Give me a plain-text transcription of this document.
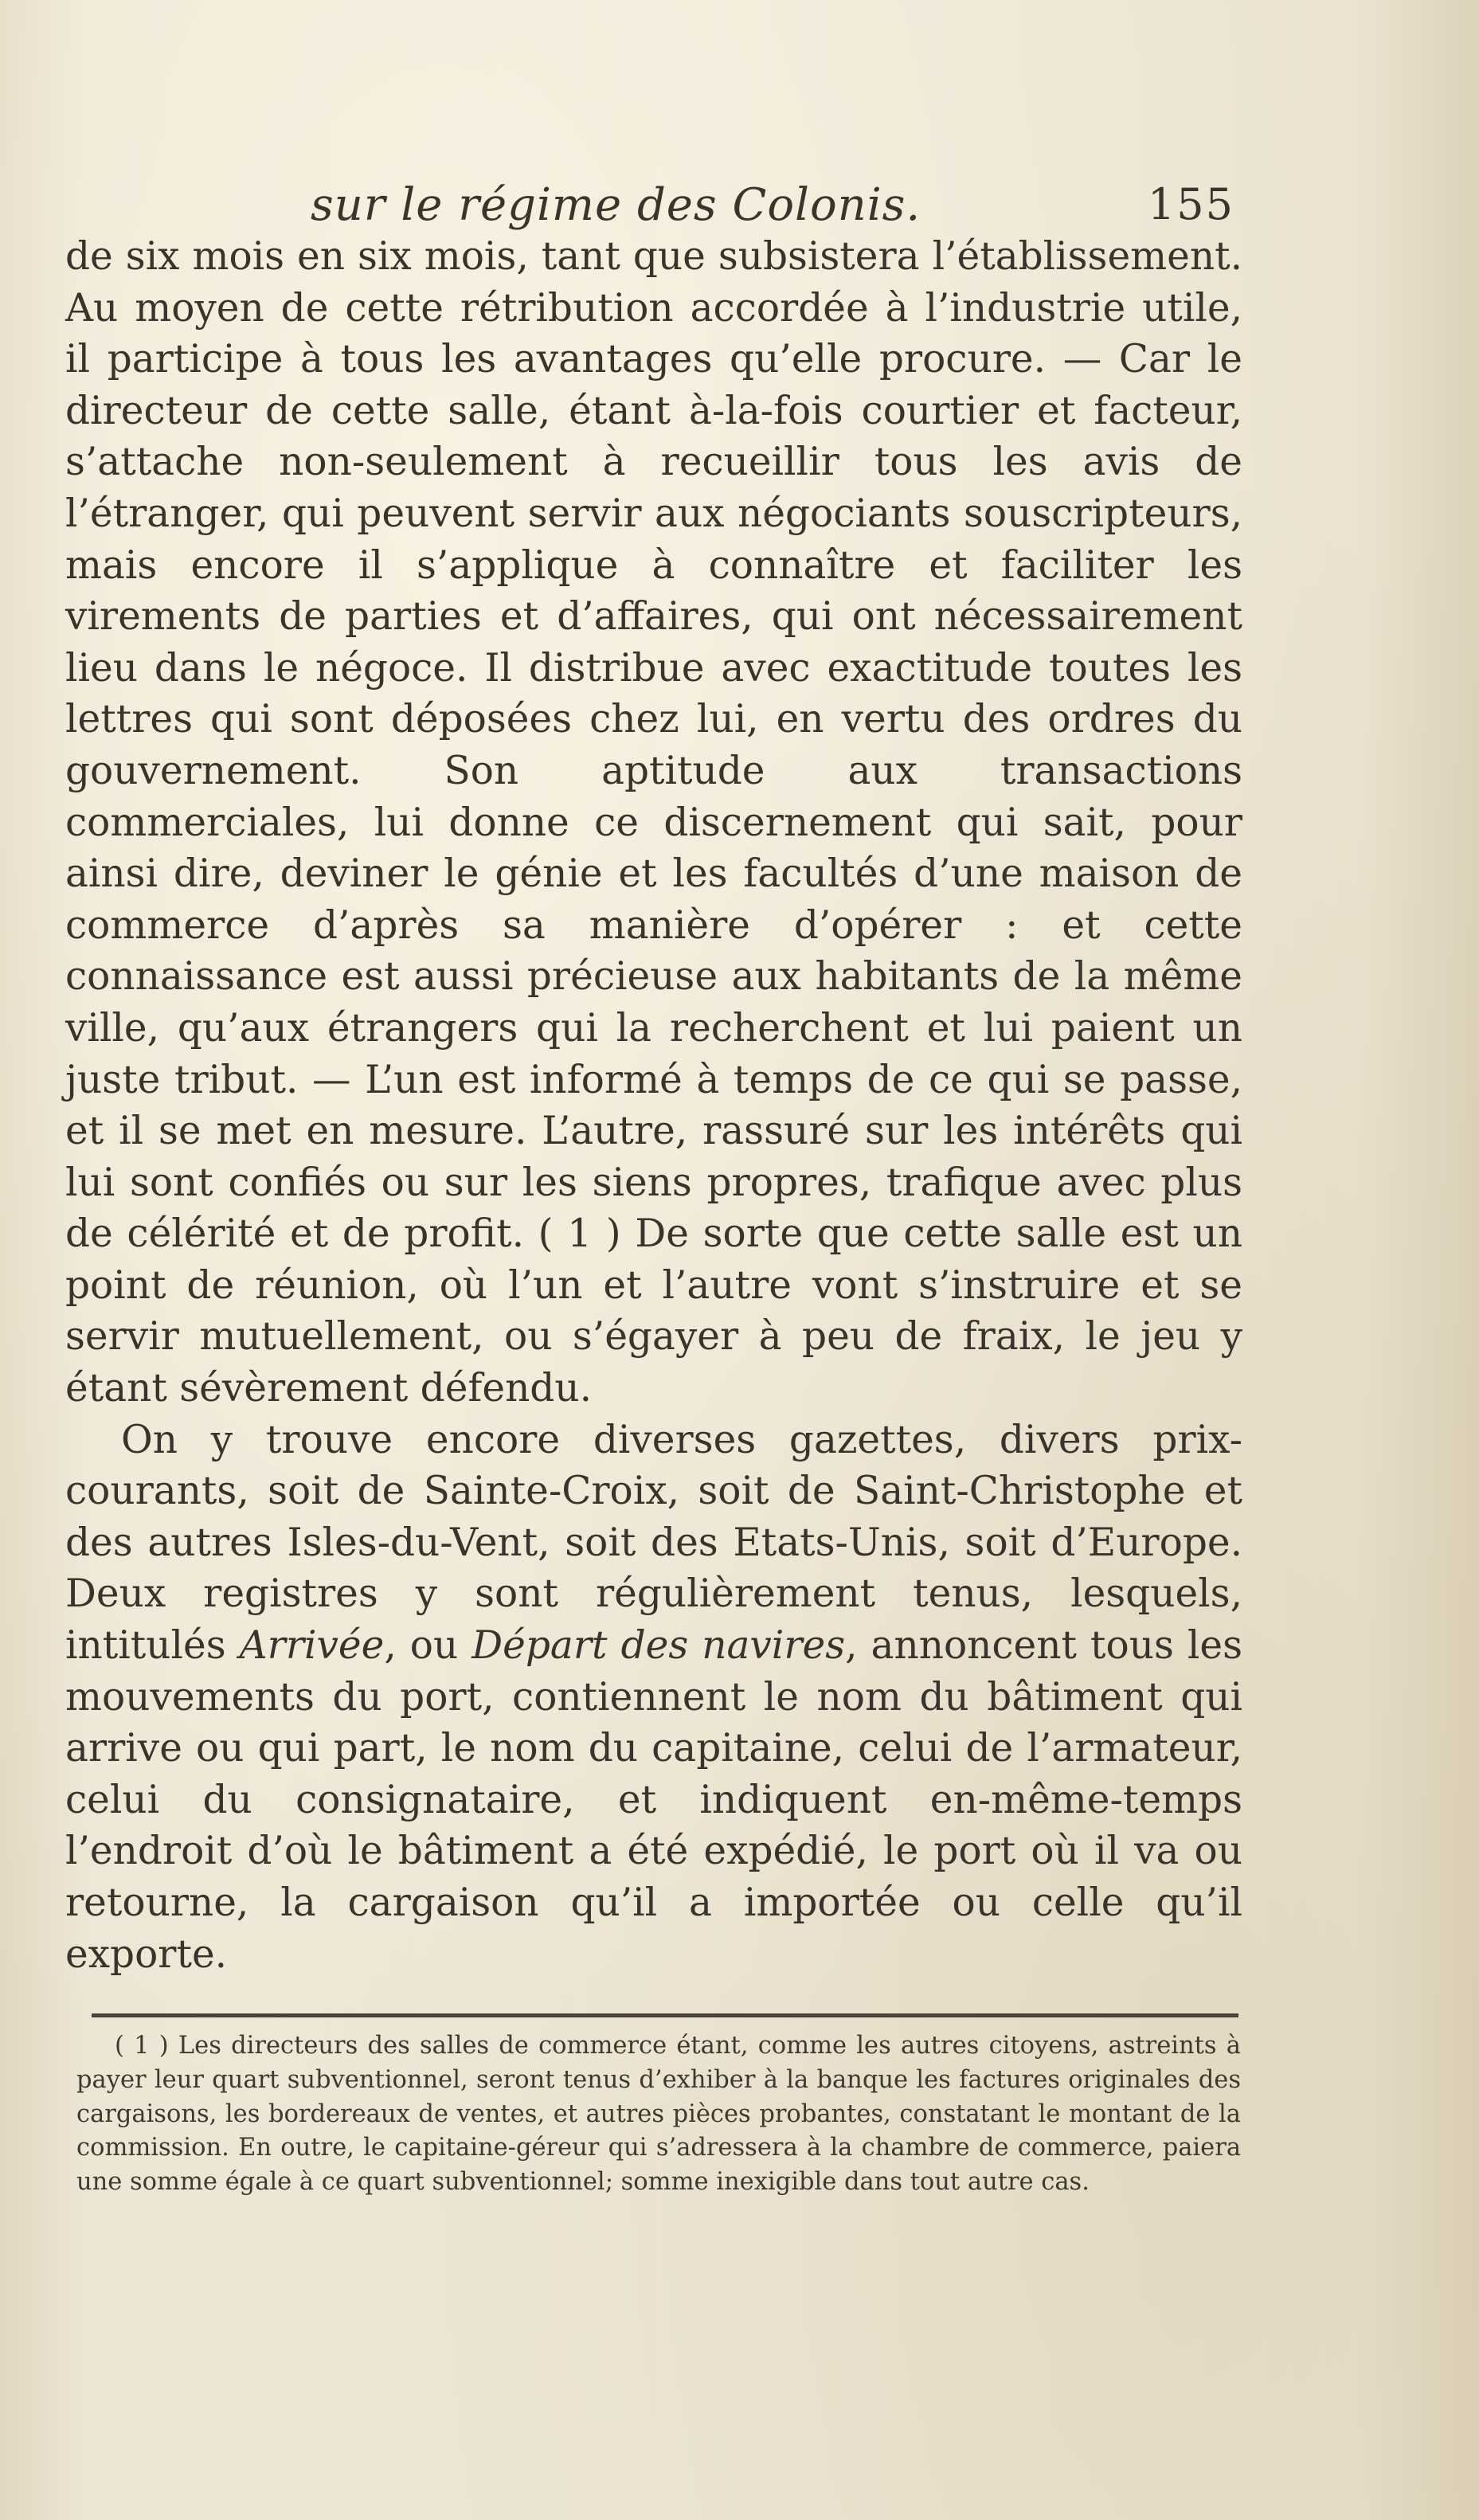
sur le régime des Colonis.	155

de six mois en six mois, tant que subsistera l’établissement. Au moyen de cette rétribution accordée à l’industrie utile, il participe à tous les avantages qu’elle procure. — Car le directeur de cette salle, étant à-la-fois courtier et facteur, s’attache non-seulement à recueillir tous les avis de l’étranger, qui peuvent servir aux négociants souscripteurs, mais encore il s’applique à connaître et faciliter les virements de parties et d’affaires, qui ont nécessairement lieu dans le négoce. Il distribue avec exactitude toutes les lettres qui sont déposées chez lui, en vertu des ordres du gouvernement. Son aptitude aux transactions commerciales, lui donne ce discernement qui sait, pour ainsi dire, deviner le génie et les facultés d’une maison de commerce d’après sa manière d’opérer : et cette connaissance est aussi précieuse aux habitants de la même ville, qu’aux étrangers qui la recherchent et lui paient un juste tribut. — L’un est informé à temps de ce qui se passe, et il se met en mesure. L’autre, rassuré sur les intérêts qui lui sont confiés ou sur les siens propres, trafique avec plus de célérité et de profit. ( 1 ) De sorte que cette salle est un point de réunion, où l’un et l’autre vont s’instruire et se servir mutuellement, ou s’égayer à peu de fraix, le jeu y étant sévèrement défendu.

On y trouve encore diverses gazettes, divers prix-courants, soit de Sainte-Croix, soit de Saint-Christophe et des autres Isles-du-Vent, soit des Etats-Unis, soit d’Europe. Deux registres y sont régulièrement tenus, lesquels, intitulés Arrivée, ou Départ des navires, annoncent tous les mouvements du port, contiennent le nom du bâtiment qui arrive ou qui part, le nom du capitaine, celui de l’armateur, celui du consignataire, et indiquent en-même-temps l’endroit d’où le bâtiment a été expédié, le port où il va ou retourne, la cargaison qu’il a importée ou celle qu’il exporte.

( 1 ) Les directeurs des salles de commerce étant, comme les autres citoyens, astreints à payer leur quart subventionnel, seront tenus d’exhiber à la banque les factures originales des cargaisons, les bordereaux de ventes, et autres pièces probantes, constatant le montant de la commission. En outre, le capitaine-géreur qui s’adressera à la chambre de commerce, paiera une somme égale à ce quart subventionnel; somme inexigible dans tout autre cas.
